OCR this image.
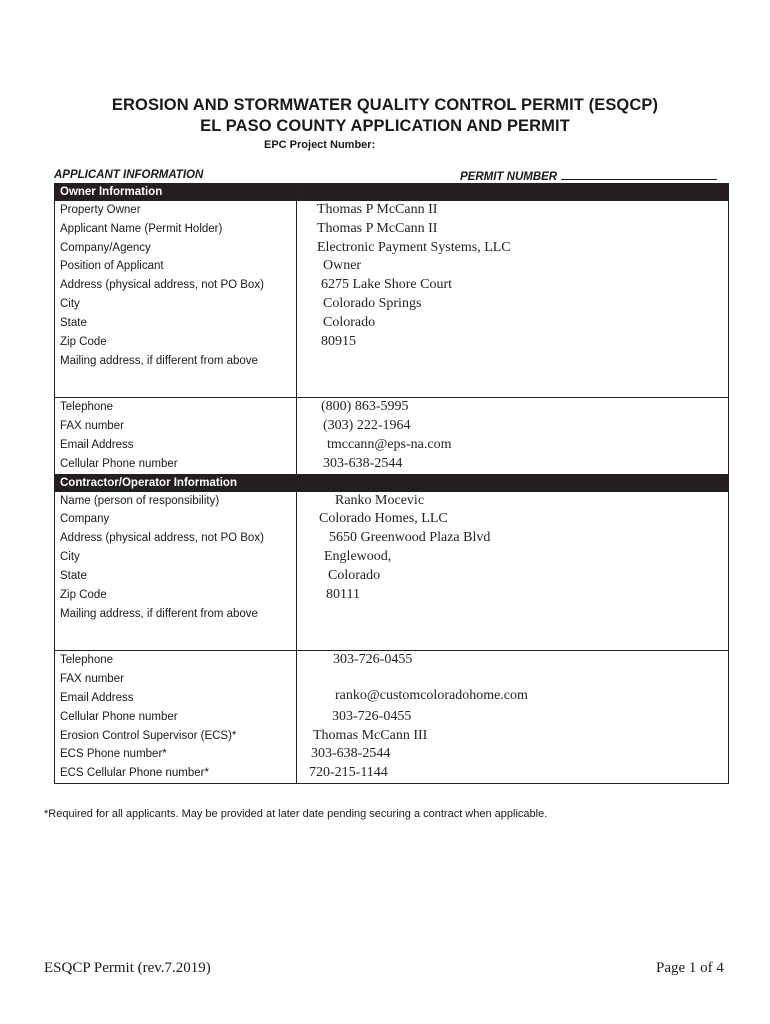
EROSION AND STORMWATER QUALITY CONTROL PERMIT (ESQCP)
EL PASO COUNTY APPLICATION AND PERMIT
EPC Project Number:
APPLICANT INFORMATION	PERMIT NUMBER
Owner Information	
Property Owner	Thomas P McCann II
Applicant Name (Permit Holder)	Thomas P McCann II
Company/Agency	Electronic Payment Systems, LLC
Position of Applicant	Owner
Address (physical address, not PO Box)	6275 Lake Shore Court
City	Colorado Springs
State	Colorado
Zip Code	80915
Mailing address, if different from above	
Telephone	(800) 863-5995
FAX number	(303) 222-1964
Email Address	tmccann@eps-na.com
Cellular Phone number	303-638-2544
Contractor/Operator Information	
Name (person of responsibility)	Ranko Mocevic
Company	Colorado Homes, LLC
Address (physical address, not PO Box)	5650 Greenwood Plaza Blvd
City	Englewood,
State	Colorado
Zip Code	80111
Mailing address, if different from above	
Telephone	303-726-0455
FAX number	
Email Address	ranko@customcoloradohome.com
Cellular Phone number	303-726-0455
Erosion Control Supervisor (ECS)*	Thomas McCann III
ECS Phone number*	303-638-2544
ECS Cellular Phone number*	720-215-1144
*Required for all applicants. May be provided at later date pending securing a contract when applicable.
ESQCP Permit (rev.7.2019)	Page 1 of 4
